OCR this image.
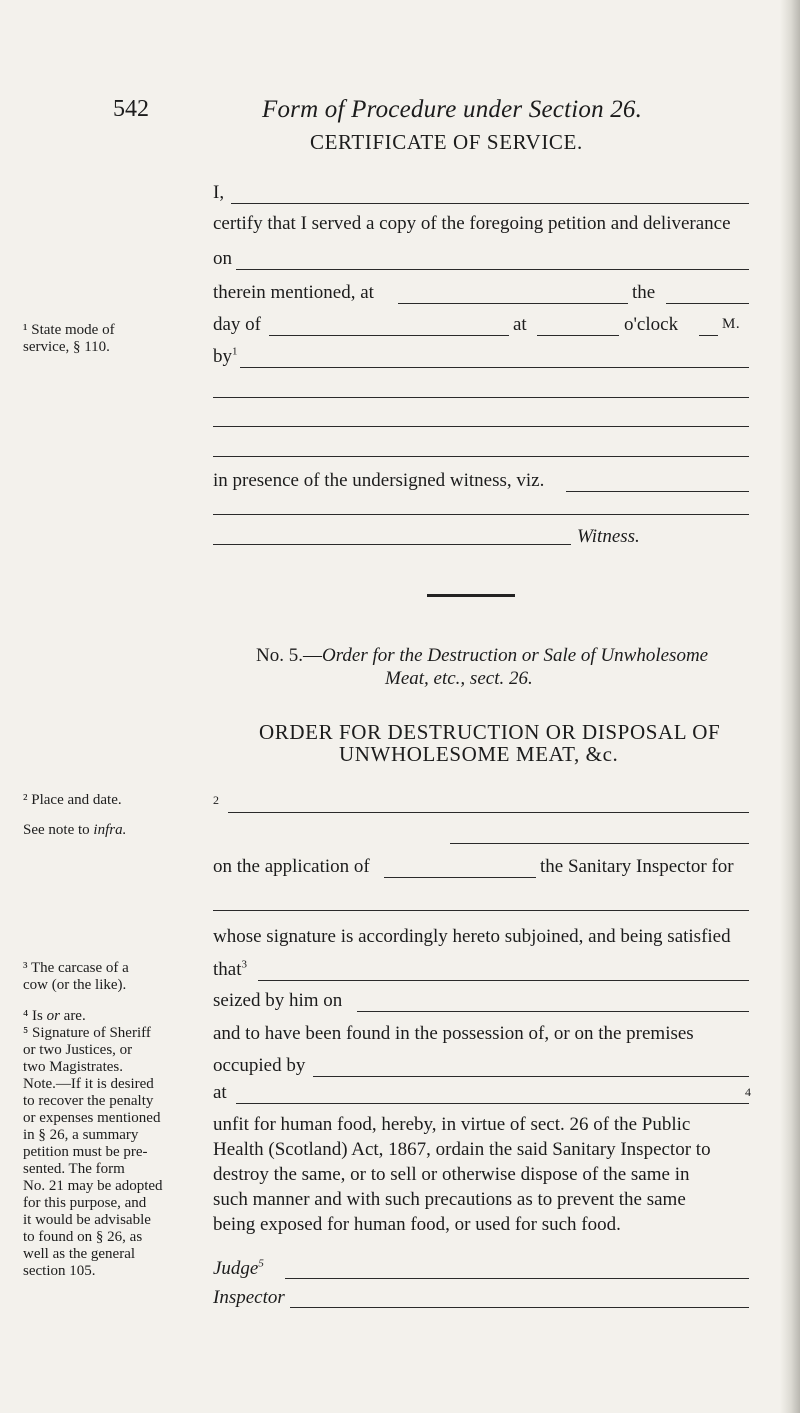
542	Form of Procedure under Section 26.
CERTIFICATE OF SERVICE.
I,
certify that I served a copy of the foregoing petition and deliverance
on
therein mentioned, at	the
day of	at	o'clock	M.
$by^1$
in presence of the undersigned witness, viz.
Witness.
No. 5.—Order for the Destruction or Sale of Unwholesome
Meat, etc., sect. 26.
ORDER FOR DESTRUCTION OR DISPOSAL OF
UNWHOLESOME MEAT, &c.
2
on the application of	the Sanitary Inspector for
whose signature is accordingly hereto subjoined, and being satisfied
that$^3$
seized by him on
and to have been found in the possession of, or on the premises
occupied by
at	4
unfit for human food, hereby, in virtue of sect. 26 of the Public
Health (Scotland) Act, 1867, ordain the said Sanitary Inspector to
destroy the same, or to sell or otherwise dispose of the same in
such manner and with such precautions as to prevent the same
being exposed for human food, or used for such food.
Judge$^5$
Inspector
¹ State mode of
service, § 110.
² Place and date.
See note to infra.
³ The carcase of a
cow (or the like).
⁴ Is or are.
⁵ Signature of Sheriff
or two Justices, or
two Magistrates.
Note.—If it is desired
to recover the penalty
or expenses mentioned
in § 26, a summary
petition must be pre-
sented. The form
No. 21 may be adopted
for this purpose, and
it would be advisable
to found on § 26, as
well as the general
section 105.
